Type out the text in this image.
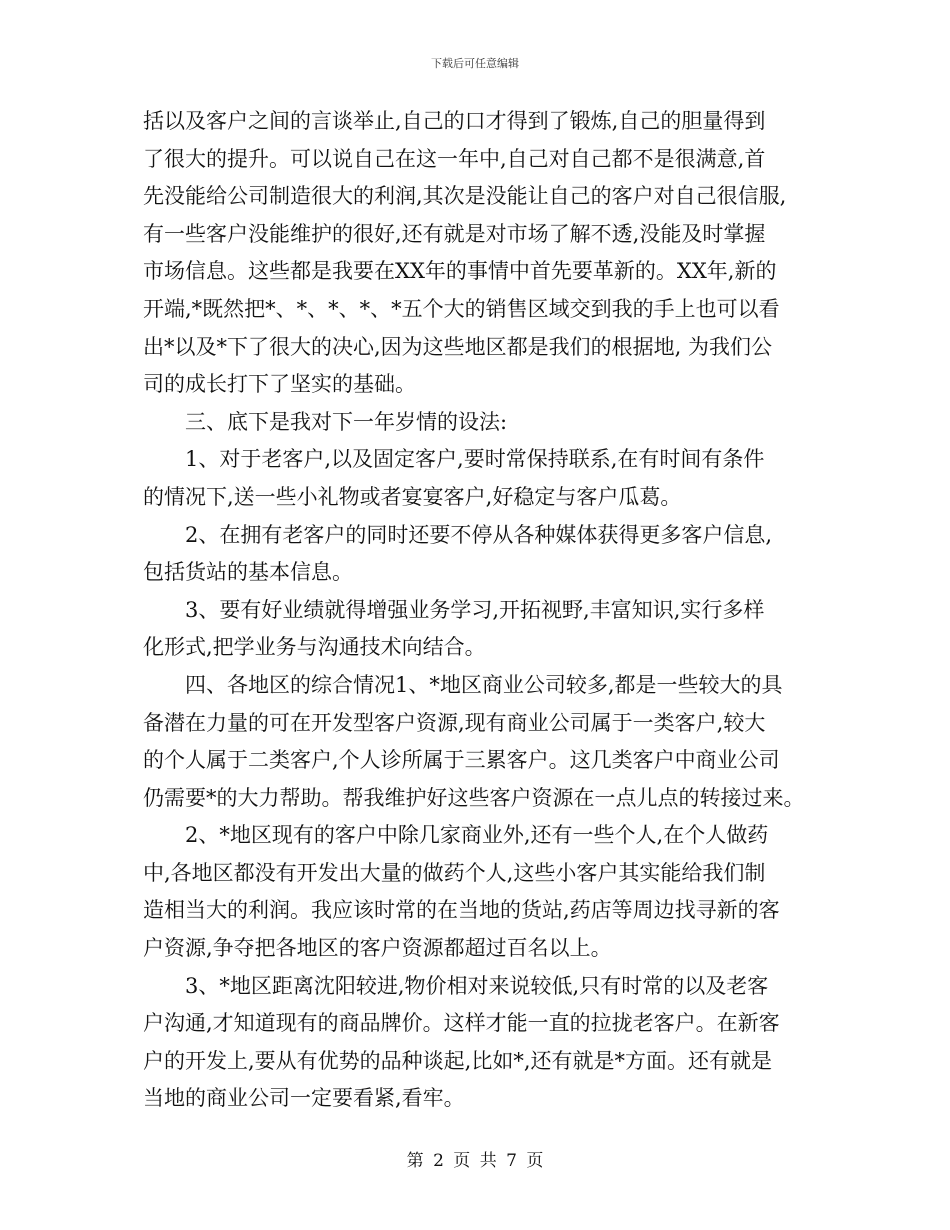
下载后可任意编辑
括以及客户之间的言谈举止,自己的口才得到了锻炼,自己的胆量得到
了很大的提升。可以说自己在这一年中,自己对自己都不是很满意,首
先没能给公司制造很大的利润,其次是没能让自己的客户对自己很信服,
有一些客户没能维护的很好,还有就是对市场了解不透,没能及时掌握
市场信息。这些都是我要在XX年的事情中首先要革新的。XX年,新的
开端,*既然把*、*、*、*、*五个大的销售区域交到我的手上也可以看
出*以及*下了很大的决心,因为这些地区都是我们的根据地, 为我们公
司的成长打下了坚实的基础。
三、底下是我对下一年岁情的设法:
1、对于老客户,以及固定客户,要时常保持联系,在有时间有条件
的情况下,送一些小礼物或者宴宴客户,好稳定与客户瓜葛。
2、在拥有老客户的同时还要不停从各种媒体获得更多客户信息,
包括货站的基本信息。
3、要有好业绩就得增强业务学习,开拓视野,丰富知识,实行多样
化形式,把学业务与沟通技术向结合。
四、各地区的综合情况1、*地区商业公司较多,都是一些较大的具
备潜在力量的可在开发型客户资源,现有商业公司属于一类客户,较大
的个人属于二类客户,个人诊所属于三累客户。这几类客户中商业公司
仍需要*的大力帮助。帮我维护好这些客户资源在一点儿点的转接过来。
2、*地区现有的客户中除几家商业外,还有一些个人,在个人做药
中,各地区都没有开发出大量的做药个人,这些小客户其实能给我们制
造相当大的利润。我应该时常的在当地的货站,药店等周边找寻新的客
户资源,争夺把各地区的客户资源都超过百名以上。
3、*地区距离沈阳较进,物价相对来说较低,只有时常的以及老客
户沟通,才知道现有的商品牌价。这样才能一直的拉拢老客户。在新客
户的开发上,要从有优势的品种谈起,比如*,还有就是*方面。还有就是
当地的商业公司一定要看紧,看牢。
第 2 页 共 7 页
